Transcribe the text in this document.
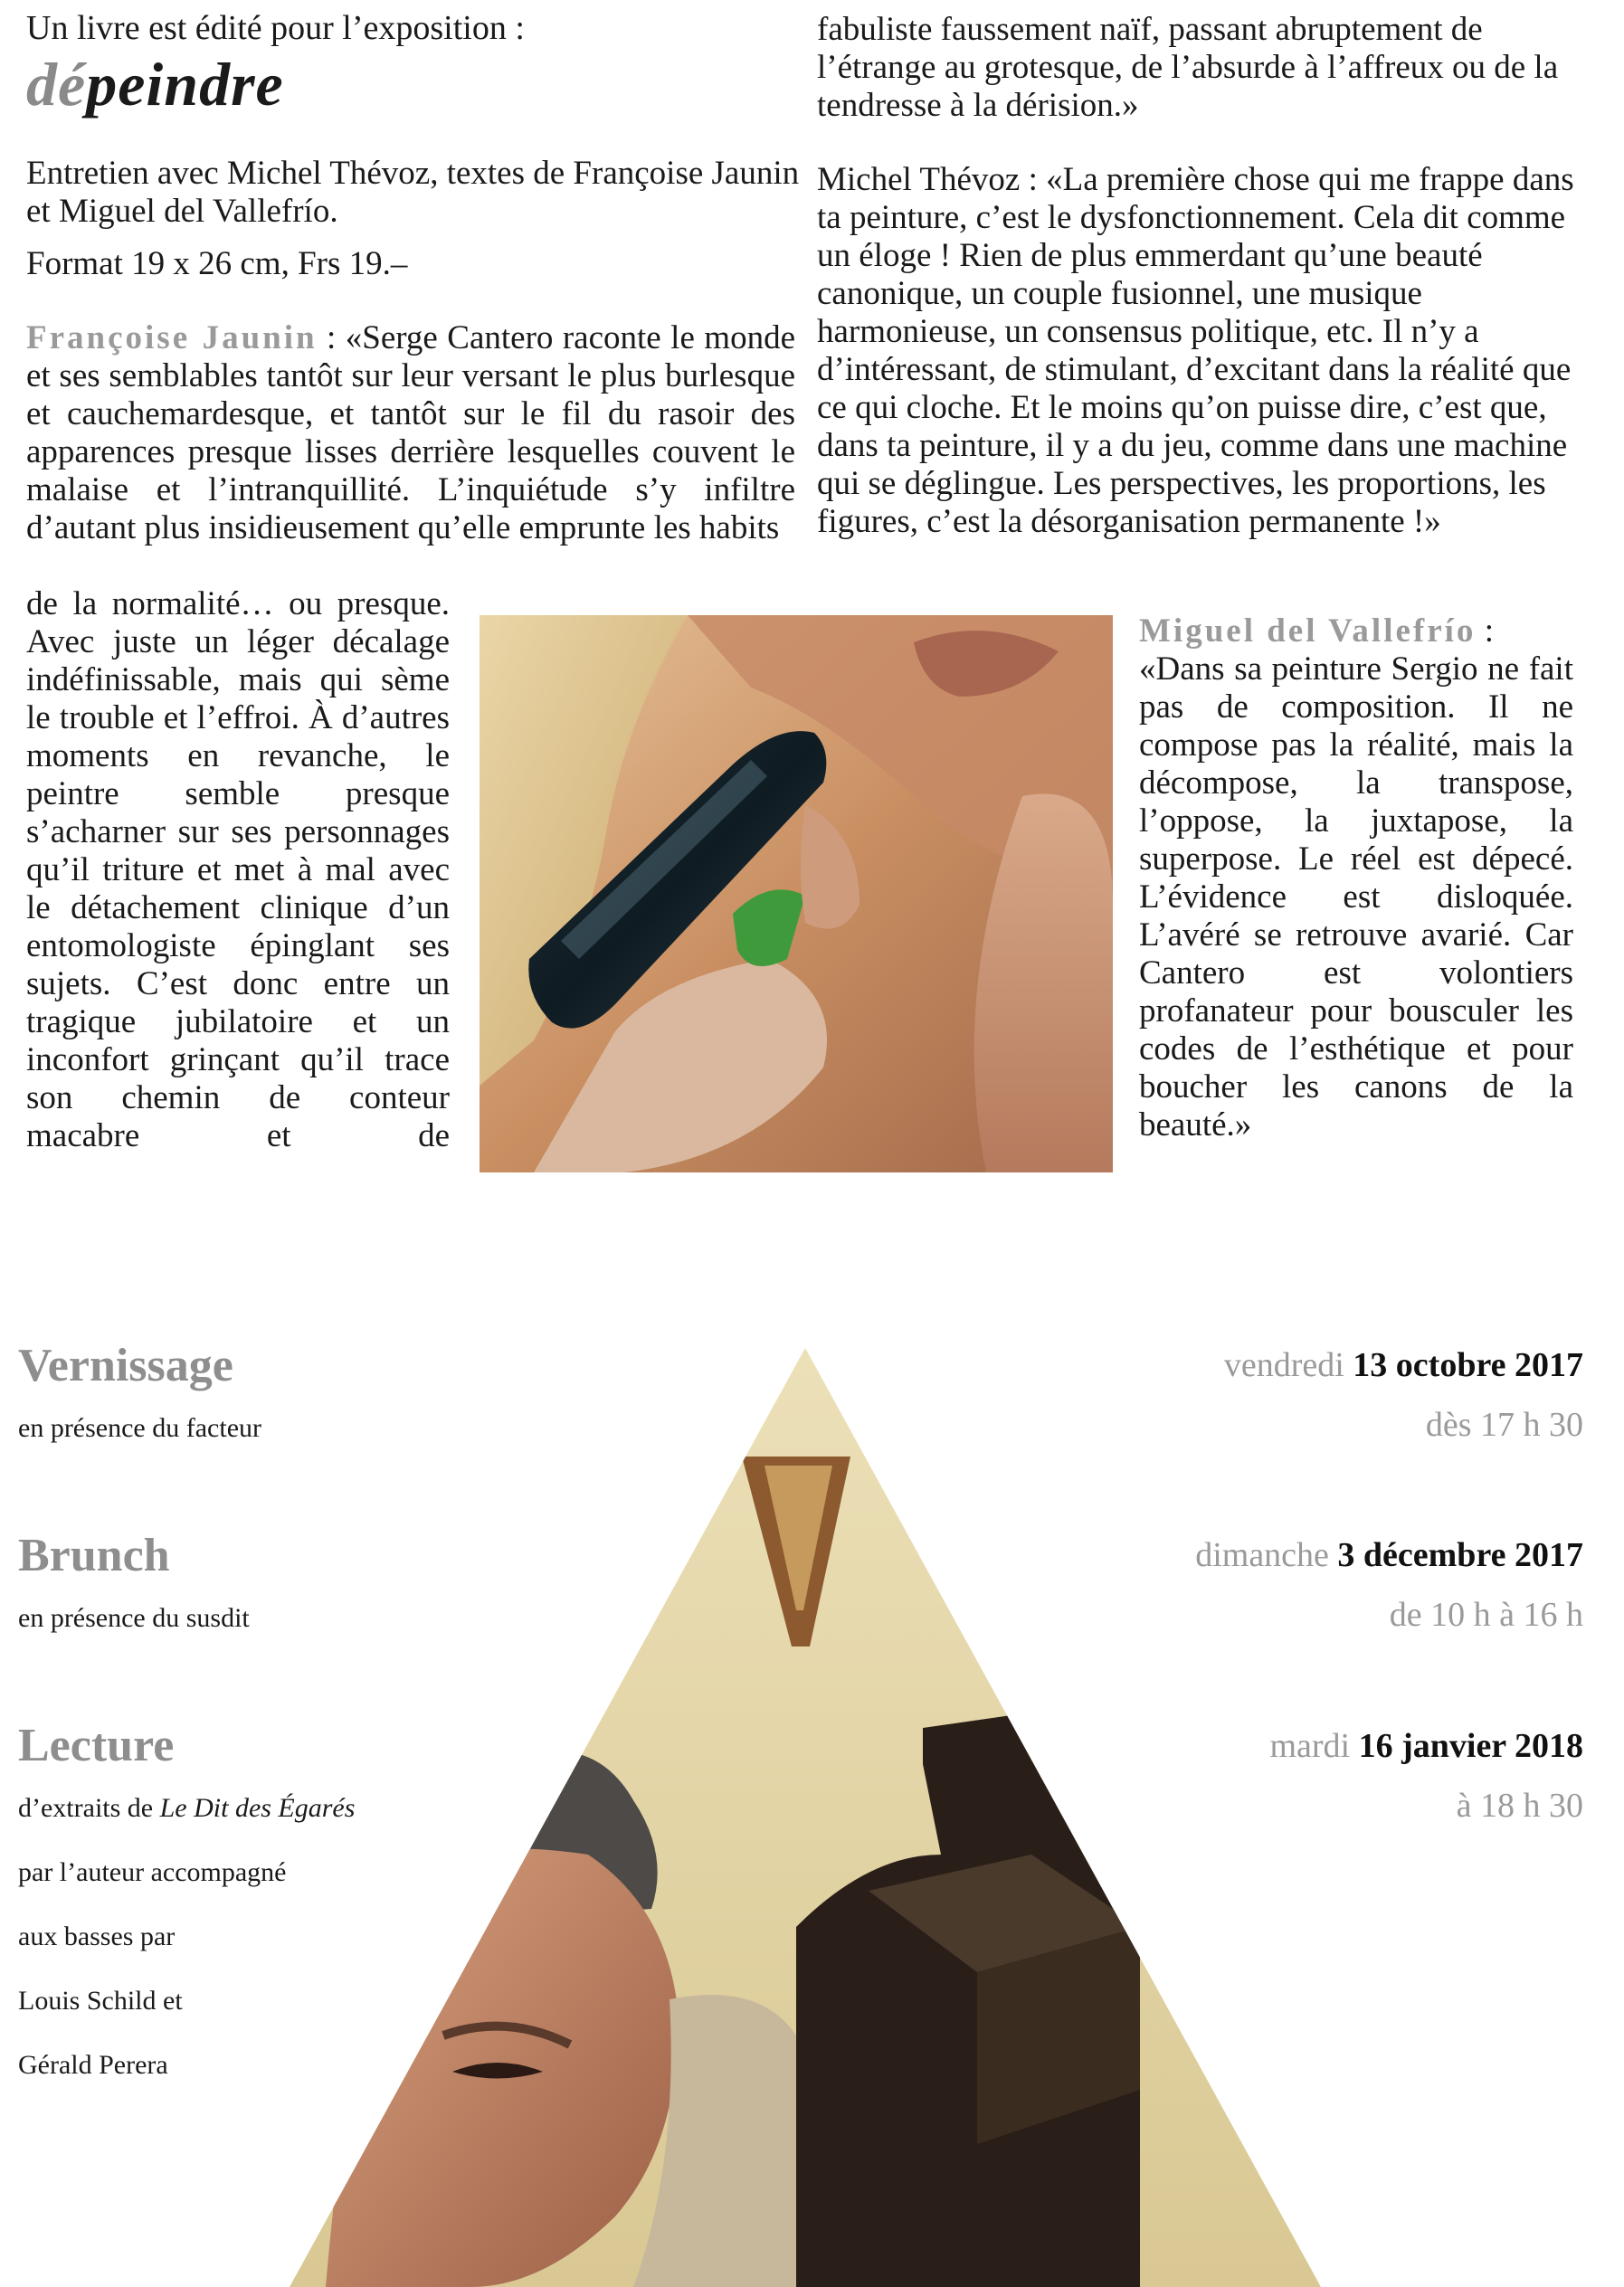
Un livre est édité pour l’exposition :

dépeindre

Entretien avec Michel Thévoz, textes de Françoise Jaunin et Miguel del Vallefrío.

Format 19 x 26 cm, Frs 19.–

Françoise Jaunin : «Serge Cantero raconte le monde et ses semblables tantôt sur leur versant le plus burlesque et cauchemardesque, et tantôt sur le fil du rasoir des apparences presque lisses derrière lesquelles couvent le malaise et l’intranquillité. L’inquiétude s’y infiltre d’autant plus insidieusement qu’elle emprunte les habits

de la normalité… ou presque. Avec juste un léger décalage indéfinissable, mais qui sème le trouble et l’effroi. À d’autres moments en revanche, le peintre semble presque s’acharner sur ses personnages qu’il triture et met à mal avec le détachement clinique d’un entomologiste épinglant ses sujets. C’est donc entre un tragique jubilatoire et un inconfort grinçant qu’il trace son chemin de conteur macabre et de

fabuliste faussement naïf, passant abruptement de l’étrange au grotesque, de l’absurde à l’affreux ou de la tendresse à la dérision.»

Michel Thévoz : «La première chose qui me frappe dans ta peinture, c’est le dysfonctionnement. Cela dit comme un éloge ! Rien de plus emmerdant qu’une beauté canonique, un couple fusionnel, une musique harmonieuse, un consensus politique, etc. Il n’y a d’intéressant, de stimulant, d’excitant dans la réalité que ce qui cloche. Et le moins qu’on puisse dire, c’est que, dans ta peinture, il y a du jeu, comme dans une machine qui se déglingue. Les perspectives, les proportions, les figures, c’est la désorganisation permanente !»

Miguel del Vallefrío :
«Dans sa peinture Sergio ne fait pas de composition. Il ne compose pas la réalité, mais la décompose, la transpose, l’oppose, la juxtapose, la superpose. Le réel est dépecé. L’évidence est disloquée. L’avéré se retrouve avarié. Car Cantero est volontiers profanateur pour bousculer les codes de l’esthétique et pour boucher les canons de la beauté.»

Vernissage

en présence du facteur

Brunch

en présence du susdit

Lecture

d’extraits de Le Dit des Égarés

par l’auteur accompagné

aux basses par

Louis Schild et

Gérald Perera

vendredi 13 octobre 2017
dès 17 h 30
dimanche 3 décembre 2017
de 10 h à 16 h
mardi 16 janvier 2018
à 18 h 30
